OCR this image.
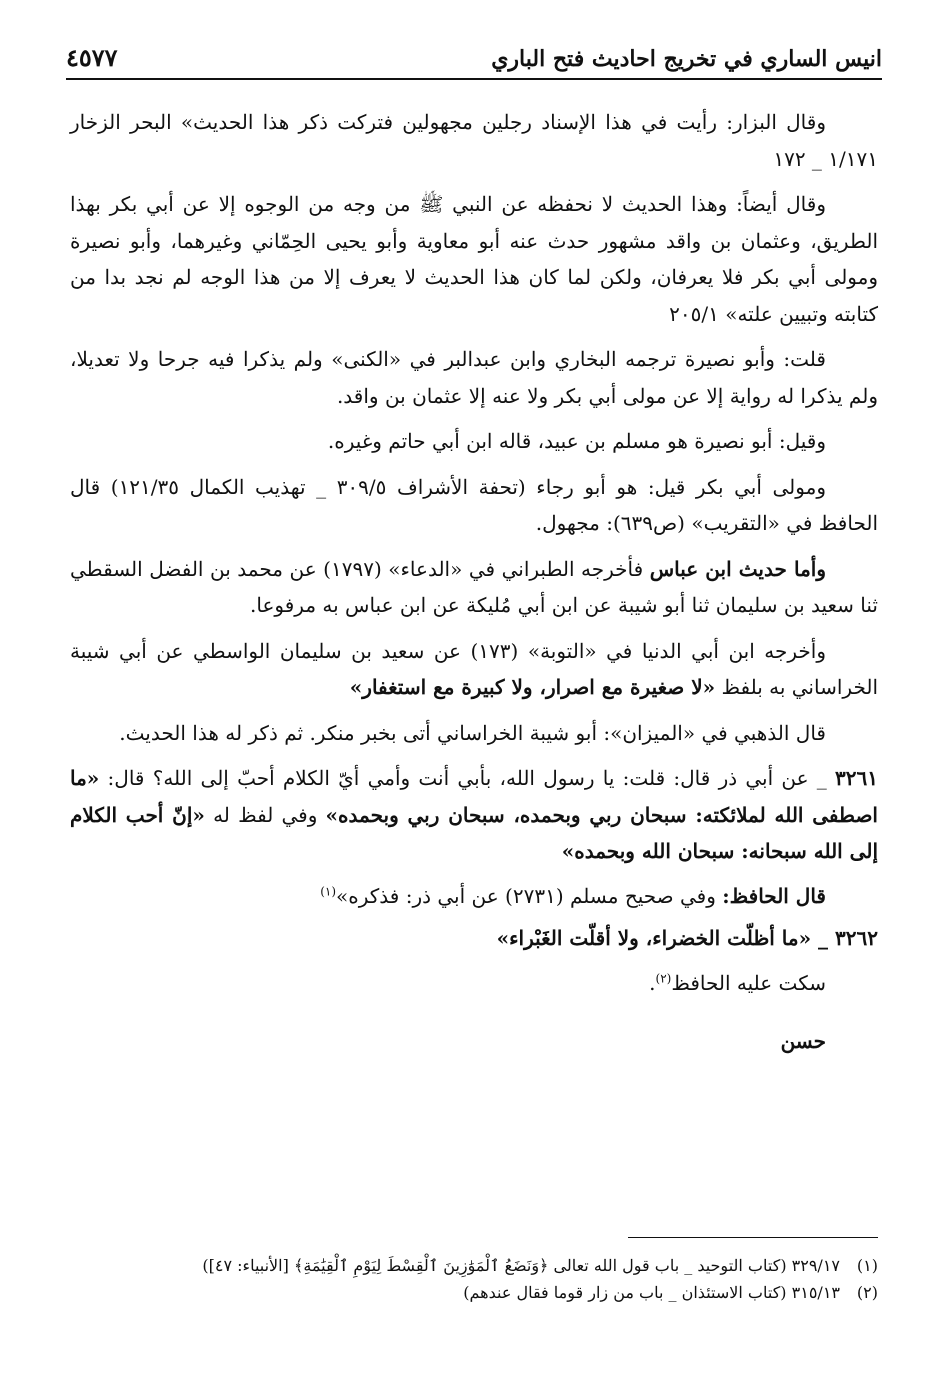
انيس الساري في تخريج احاديث فتح الباري
٤٥٧٧

وقال البزار: رأيت في هذا الإسناد رجلين مجهولين فتركت ذكر هذا الحديث» البحر الزخار ١/١٧١ _ ١٧٢

وقال أيضاً: وهذا الحديث لا نحفظه عن النبي ﷺ من وجه من الوجوه إلا عن أبي بكر بهذا الطريق، وعثمان بن واقد مشهور حدث عنه أبو معاوية وأبو يحيى الحِمّاني وغيرهما، وأبو نصيرة ومولى أبي بكر فلا يعرفان، ولكن لما كان هذا الحديث لا يعرف إلا من هذا الوجه لم نجد بدا من كتابته وتبيين علته» ٢٠٥/١

قلت: وأبو نصيرة ترجمه البخاري وابن عبدالبر في «الكنى» ولم يذكرا فيه جرحا ولا تعديلا، ولم يذكرا له رواية إلا عن مولى أبي بكر ولا عنه إلا عثمان بن واقد.

وقيل: أبو نصيرة هو مسلم بن عبيد، قاله ابن أبي حاتم وغيره.

ومولى أبي بكر قيل: هو أبو رجاء (تحفة الأشراف ٣٠٩/٥ _ تهذيب الكمال ١٢١/٣٥) قال الحافظ في «التقريب» (ص٦٣٩): مجهول.

وأما حديث ابن عباس فأخرجه الطبراني في «الدعاء» (١٧٩٧) عن محمد بن الفضل السقطي ثنا سعيد بن سليمان ثنا أبو شيبة عن ابن أبي مُليكة عن ابن عباس به مرفوعا.

وأخرجه ابن أبي الدنيا في «التوبة» (١٧٣) عن سعيد بن سليمان الواسطي عن أبي شيبة الخراساني به بلفظ «لا صغيرة مع اصرار، ولا كبيرة مع استغفار»

قال الذهبي في «الميزان»: أبو شيبة الخراساني أتى بخبر منكر. ثم ذكر له هذا الحديث.

٣٢٦١ _ عن أبي ذر قال: قلت: يا رسول الله، بأبي أنت وأمي أيّ الكلام أحبّ إلى الله؟ قال: «ما اصطفى الله لملائكته: سبحان ربي وبحمده، سبحان ربي وبحمده» وفي لفظ له «إنّ أحب الكلام إلى الله سبحانه: سبحان الله وبحمده»

قال الحافظ: وفي صحيح مسلم (٢٧٣١) عن أبي ذر: فذكره»$^{(١)}$

٣٢٦٢ _ «ما أظلّت الخضراء، ولا أقلّت الغَبْراء»

سكت عليه الحافظ$^{(٢)}$.

حسن

(١)٣٢٩/١٧ (كتاب التوحيد _ باب قول الله تعالى ﴿وَنَضَعُ ٱلْمَوَٰزِينَ ٱلْقِسْطَ لِيَوْمِ ٱلْقِيَٰمَةِ﴾ [الأنبياء: ٤٧])

(٢)٣١٥/١٣ (كتاب الاستئذان _ باب من زار قوما فقال عندهم)
